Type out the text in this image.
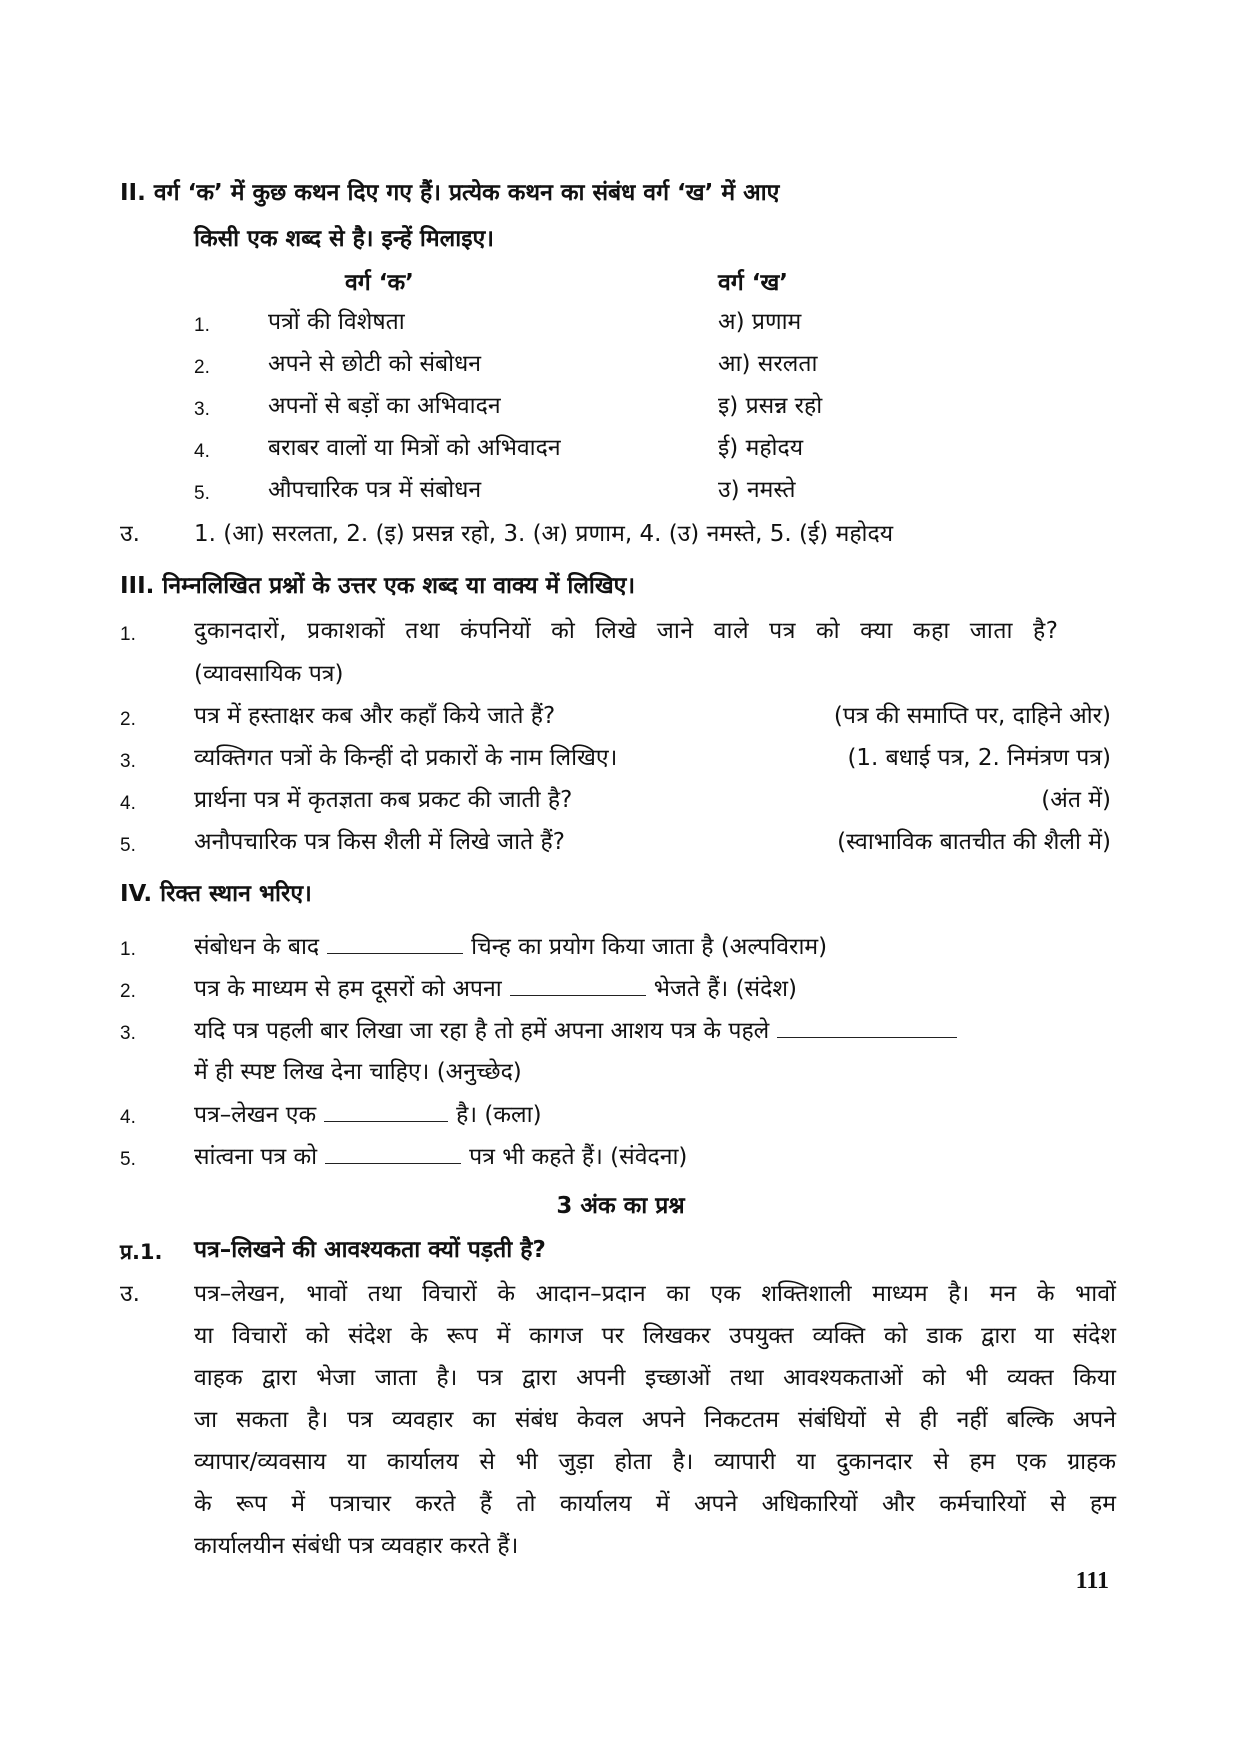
II. वर्ग ‘क’ में कुछ कथन दिए गए हैं। प्रत्येक कथन का संबंध वर्ग ‘ख’ में आए
किसी एक शब्द से है। इन्हें मिलाइए।
वर्ग ‘क’	वर्ग ‘ख’
1.	पत्रों की विशेषता	अ) प्रणाम
2.	अपने से छोटी को संबोधन	आ) सरलता
3.	अपनों से बड़ों का अभिवादन	इ) प्रसन्न रहो
4.	बराबर वालों या मित्रों को अभिवादन	ई) महोदय
5.	औपचारिक पत्र में संबोधन	उ) नमस्ते
उ. 1. (आ) सरलता, 2. (इ) प्रसन्न रहो, 3. (अ) प्रणाम, 4. (उ) नमस्ते, 5. (ई) महोदय
III. निम्नलिखित प्रश्नों के उत्तर एक शब्द या वाक्य में लिखिए।
1.	दुकानदारों, प्रकाशकों तथा कंपनियों को लिखे जाने वाले पत्र को क्या कहा जाता है?
(व्यावसायिक पत्र)
2.	पत्र में हस्ताक्षर कब और कहाँ किये जाते हैं?	(पत्र की समाप्ति पर, दाहिने ओर)
3.	व्यक्तिगत पत्रों के किन्हीं दो प्रकारों के नाम लिखिए।	(1. बधाई पत्र, 2. निमंत्रण पत्र)
4.	प्रार्थना पत्र में कृतज्ञता कब प्रकट की जाती है?	(अंत में)
5.	अनौपचारिक पत्र किस शैली में लिखे जाते हैं?	(स्वाभाविक बातचीत की शैली में)
IV. रिक्त स्थान भरिए।
1.	संबोधन के बाद	चिन्ह का प्रयोग किया जाता है (अल्पविराम)
2.	पत्र के माध्यम से हम दूसरों को अपना	भेजते हैं। (संदेश)
3.	यदि पत्र पहली बार लिखा जा रहा है तो हमें अपना आशय पत्र के पहले
में ही स्पष्ट लिख देना चाहिए। (अनुच्छेद)
4.	पत्र–लेखन एक	है। (कला)
5.	सांत्वना पत्र को	पत्र भी कहते हैं। (संवेदना)
3 अंक का प्रश्न
प्र.1. पत्र–लिखने की आवश्यकता क्यों पड़ती है?
उ. पत्र–लेखन, भावों तथा विचारों के आदान–प्रदान का एक शक्तिशाली माध्यम है। मन के भावों
या विचारों को संदेश के रूप में कागज पर लिखकर उपयुक्त व्यक्ति को डाक द्वारा या संदेश
वाहक द्वारा भेजा जाता है। पत्र द्वारा अपनी इच्छाओं तथा आवश्यकताओं को भी व्यक्त किया
जा सकता है। पत्र व्यवहार का संबंध केवल अपने निकटतम संबंधियों से ही नहीं बल्कि अपने
व्यापार/व्यवसाय या कार्यालय से भी जुड़ा होता है। व्यापारी या दुकानदार से हम एक ग्राहक
के रूप में पत्राचार करते हैं तो कार्यालय में अपने अधिकारियों और कर्मचारियों से हम
कार्यालयीन संबंधी पत्र व्यवहार करते हैं।
111
